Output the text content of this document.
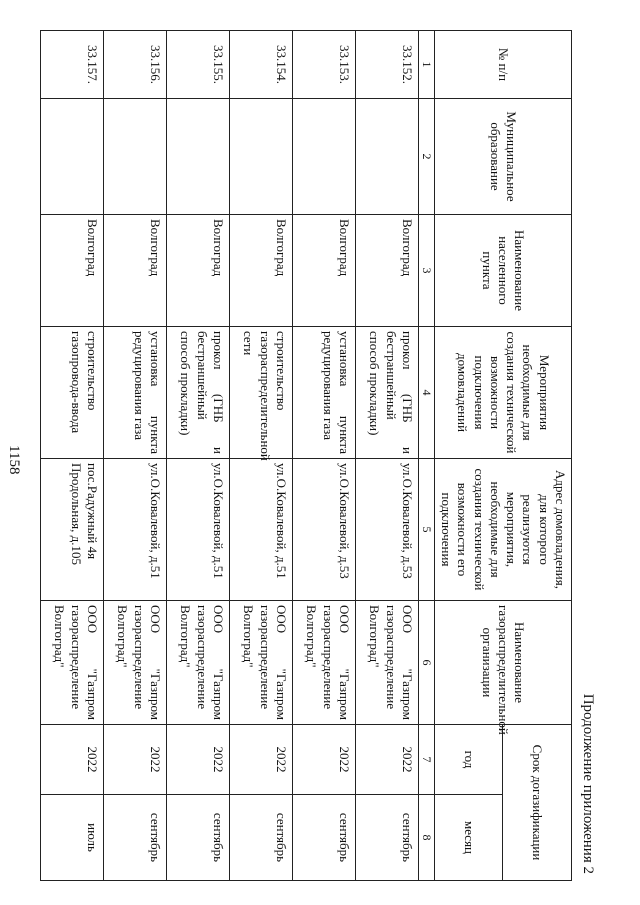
1158
Продолжение приложения 2
№ п/п	Муниципальное образование	Наименование населенного пункта	Мероприятия необходимые для создания технической возможности подключения домовладений	Адрес домовладения, для которого реализуются мероприятия, необходимые для создания технической возможности его подключения	Наименование газораспределительной организации	Срок догазификации	
						год	месяц
1	2	3	4	5	6	7	8
33.152.		Волгоград	прокол (ГНБ и бестраншейный способ прокладки)	ул.О.Ковалевой, д.53	ООО "Газпром газораспределение Волгоград"	2022	сентябрь
33.153.		Волгоград	установка пункта редуцирования газа	ул.О.Ковалевой, д.53	ООО "Газпром газораспределение Волгоград"	2022	сентябрь
33.154.		Волгоград	строительство газораспределительной сети	ул.О.Ковалевой, д.51	ООО "Газпром газораспределение Волгоград"	2022	сентябрь
33.155.		Волгоград	прокол (ГНБ и бестраншейный способ прокладки)	ул.О.Ковалевой, д.51	ООО "Газпром газораспределение Волгоград"	2022	сентябрь
33.156.		Волгоград	установка пункта редуцирования газа	ул.О.Ковалевой, д.51	ООО "Газпром газораспределение Волгоград"	2022	сентябрь
33.157.		Волгоград	строительство газопровода-ввода	пос.Радужный 4я Продольная, д.105	ООО "Газпром газораспределение Волгоград"	2022	июль
